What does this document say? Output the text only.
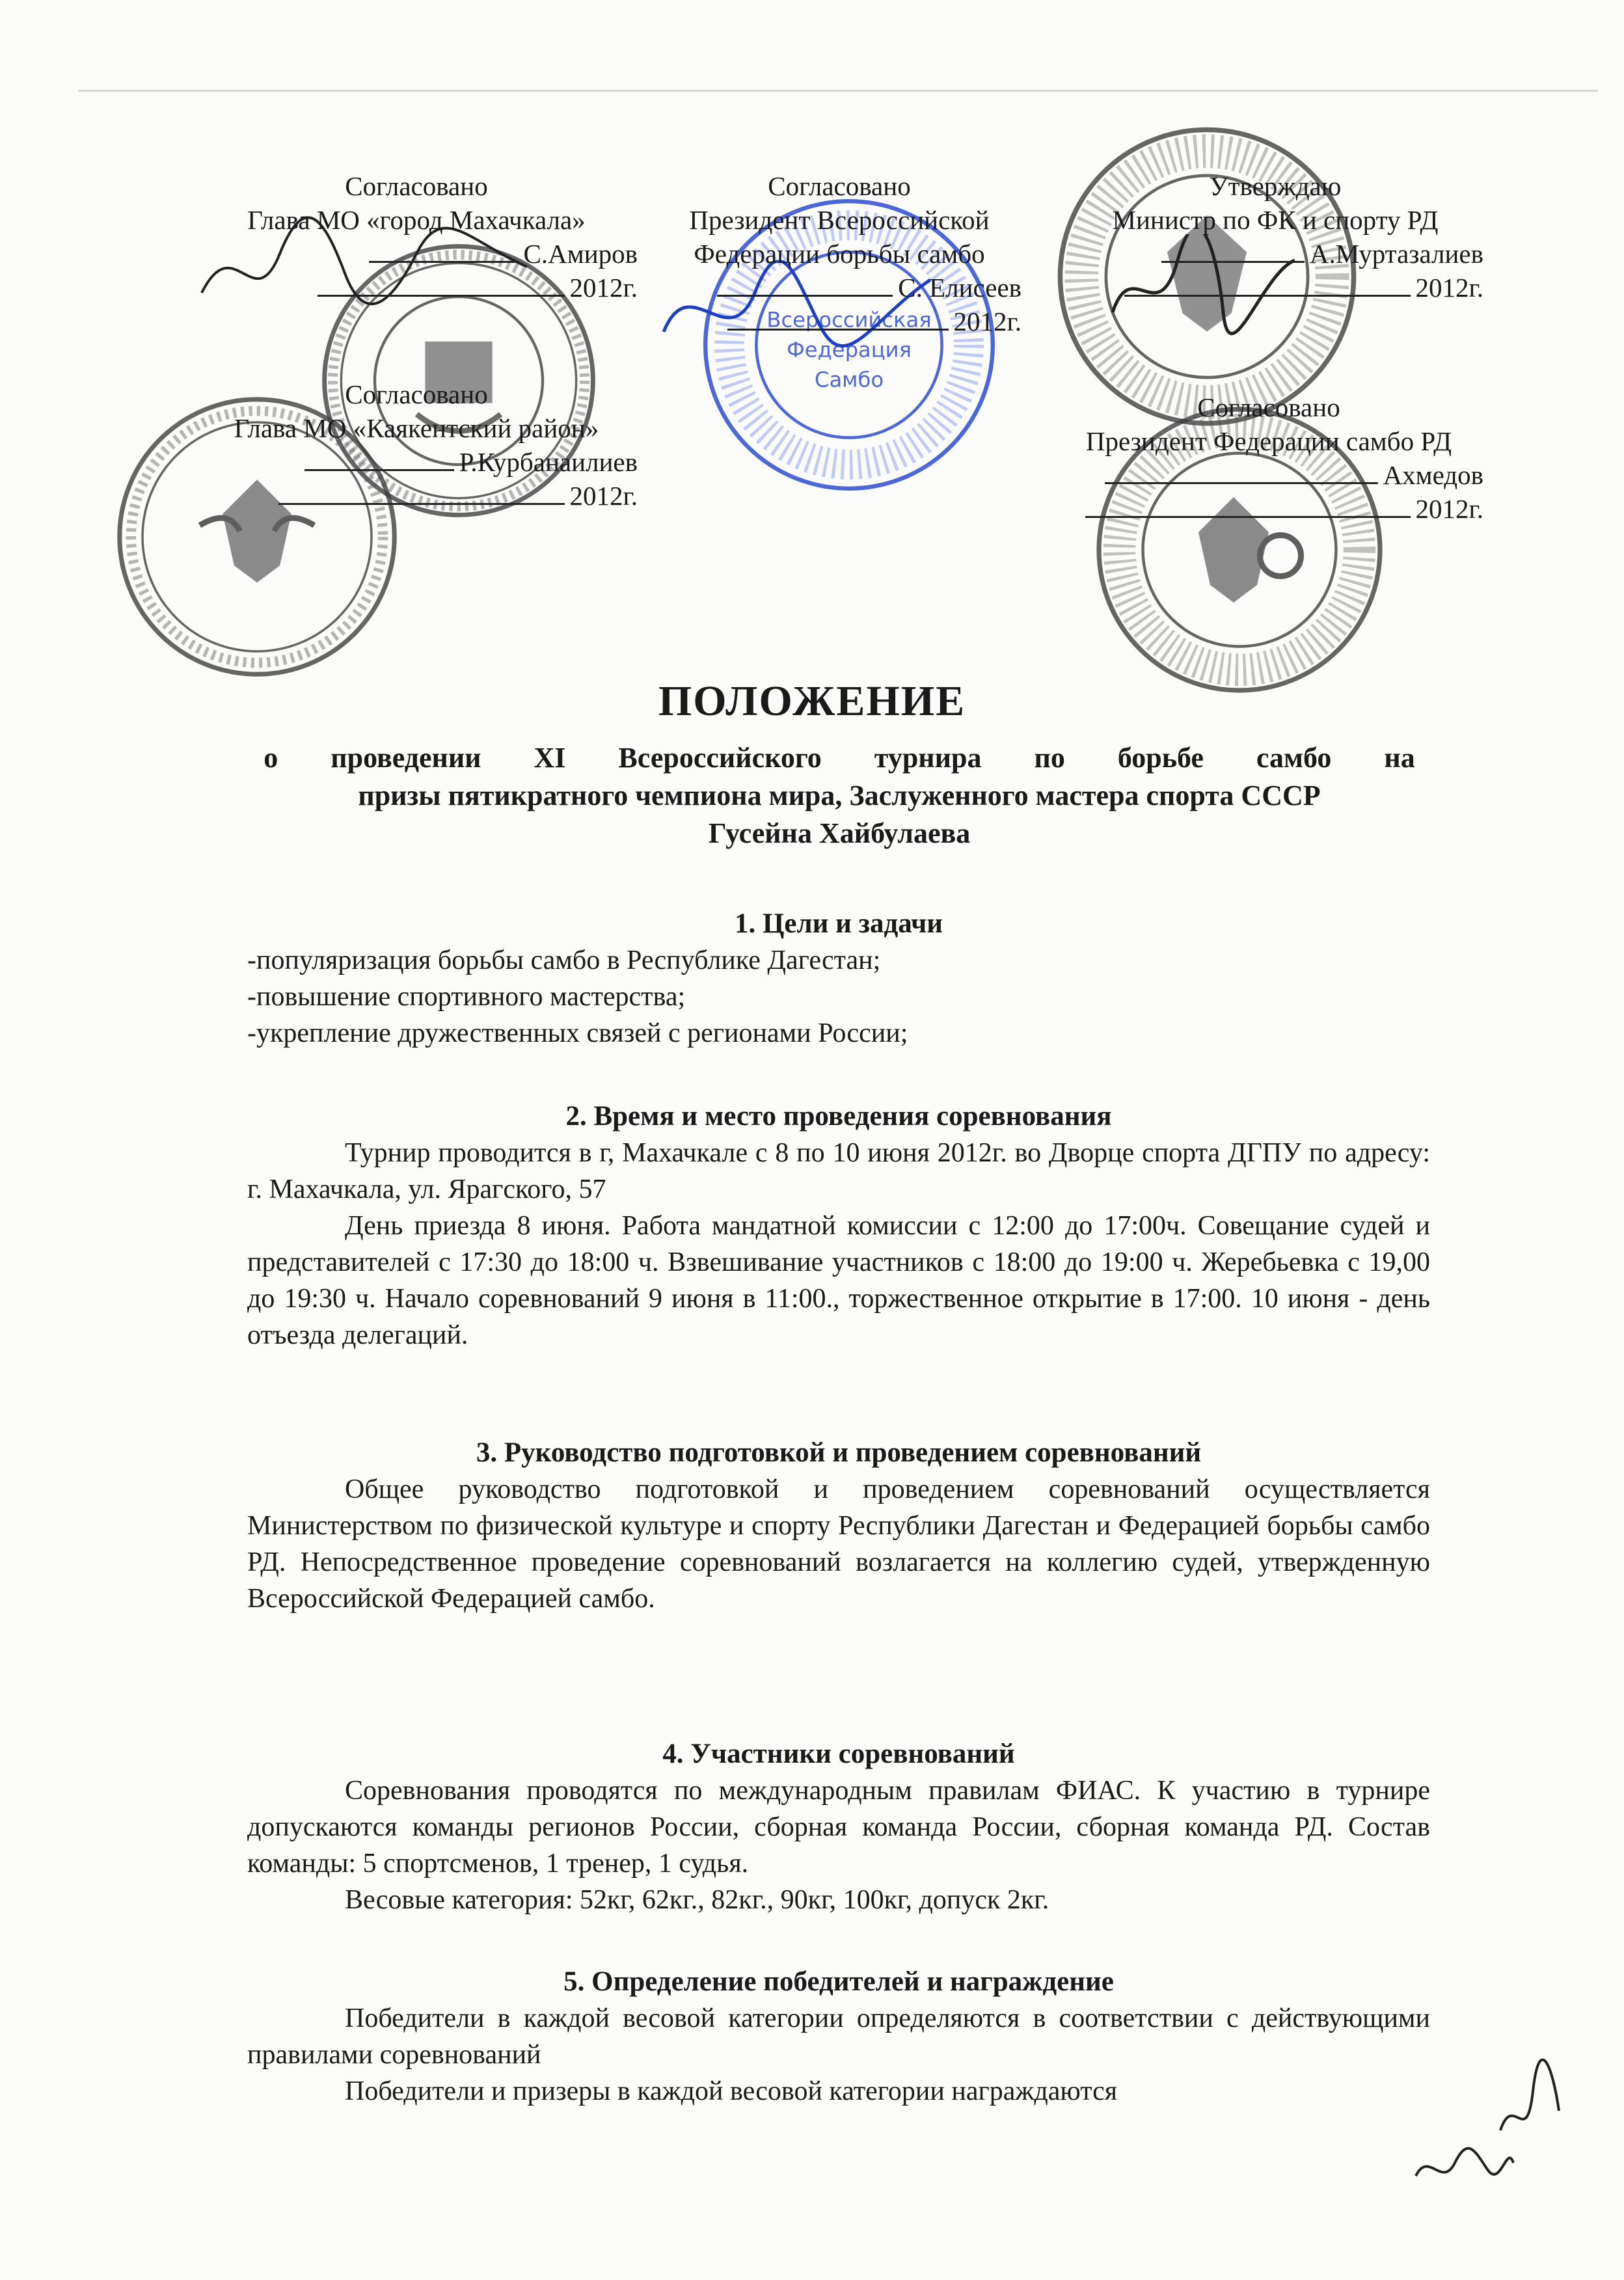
Всероссийская
Федерация
Самбо
Согласовано
Глава МО «город Махачкала»
С.Амиров
2012г.
Согласовано
Президент Всероссийской
Федерации борьбы самбо
С. Елисеев
2012г.
Утверждаю
Министр по ФК и спорту РД
А.Муртазалиев
2012г.
Согласовано
Глава МО «Каякентский район»
Р.Курбанаилиев
2012г.
Согласовано
Президент Федерации самбо РД
Ахмедов
2012г.
ПОЛОЖЕНИЕ
о проведении XI Всероссийского турнира по борьбе самбо на
призы пятикратного чемпиона мира, Заслуженного мастера спорта СССР
Гусейна Хайбулаева
1. Цели и задачи

-популяризация борьбы самбо в Республике Дагестан;

-повышение спортивного мастерства;

-укрепление дружественных связей с регионами России;

2. Время и место проведения соревнования

Турнир проводится в г, Махачкале с 8 по 10 июня 2012г. во Дворце спорта ДГПУ по адресу: г. Махачкала, ул. Ярагского, 57

День приезда 8 июня. Работа мандатной комиссии с 12:00 до 17:00ч. Совещание судей и представителей с 17:30 до 18:00 ч. Взвешивание участников с 18:00 до 19:00 ч. Жеребьевка с 19,00 до 19:30 ч. Начало соревнований 9 июня в 11:00., торжественное открытие в 17:00. 10 июня - день отъезда делегаций.

3. Руководство подготовкой и проведением соревнований

Общее руководство подготовкой и проведением соревнований осуществляется Министерством по физической культуре и спорту Республики Дагестан и Федерацией борьбы самбо РД. Непосредственное проведение соревнований возлагается на коллегию судей, утвержденную Всероссийской Федерацией самбо.

4. Участники соревнований

Соревнования проводятся по международным правилам ФИАС. К участию в турнире допускаются команды регионов России, сборная команда России, сборная команда РД. Состав команды: 5 спортсменов, 1 тренер, 1 судья.

Весовые категория: 52кг, 62кг., 82кг., 90кг, 100кг, допуск 2кг.

5. Определение победителей и награждение

Победители в каждой весовой категории определяются в соответствии с действующими правилами соревнований

Победители и призеры в каждой весовой категории награждаются
